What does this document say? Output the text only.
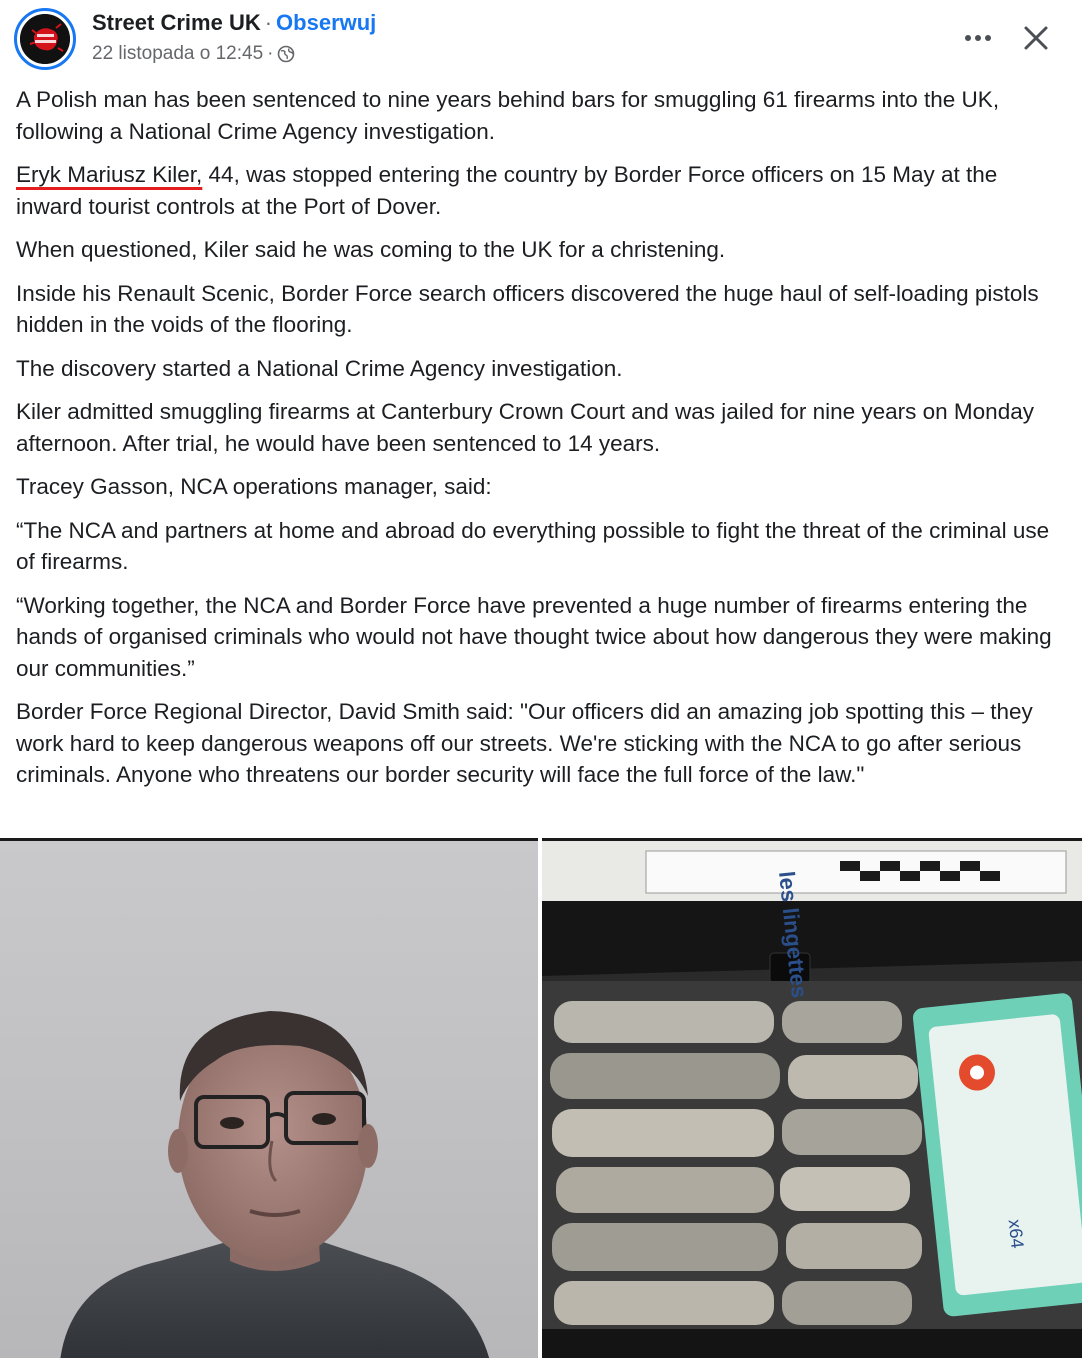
Street Crime UK · Obserwuj
22 listopada o 12:45 ·

A Polish man has been sentenced to nine years behind bars for smuggling 61 firearms into the UK, following a National Crime Agency investigation.

Eryk Mariusz Kiler, 44, was stopped entering the country by Border Force officers on 15 May at the inward tourist controls at the Port of Dover.

When questioned, Kiler said he was coming to the UK for a christening.

Inside his Renault Scenic, Border Force search officers discovered the huge haul of self-loading pistols hidden in the voids of the flooring.

The discovery started a National Crime Agency investigation.

Kiler admitted smuggling firearms at Canterbury Crown Court and was jailed for nine years on Monday afternoon. After trial, he would have been sentenced to 14 years.

Tracey Gasson, NCA operations manager, said:

“The NCA and partners at home and abroad do everything possible to fight the threat of the criminal use of firearms.

“Working together, the NCA and Border Force have prevented a huge number of firearms entering the hands of organised criminals who would not have thought twice about how dangerous they were making our communities.”

Border Force Regional Director, David Smith said: "Our officers did an amazing job spotting this – they work hard to keep dangerous weapons off our streets. We're sticking with the NCA to go after serious criminals. Anyone who threatens our border security will face the full force of the law."

les lingettes
x64
